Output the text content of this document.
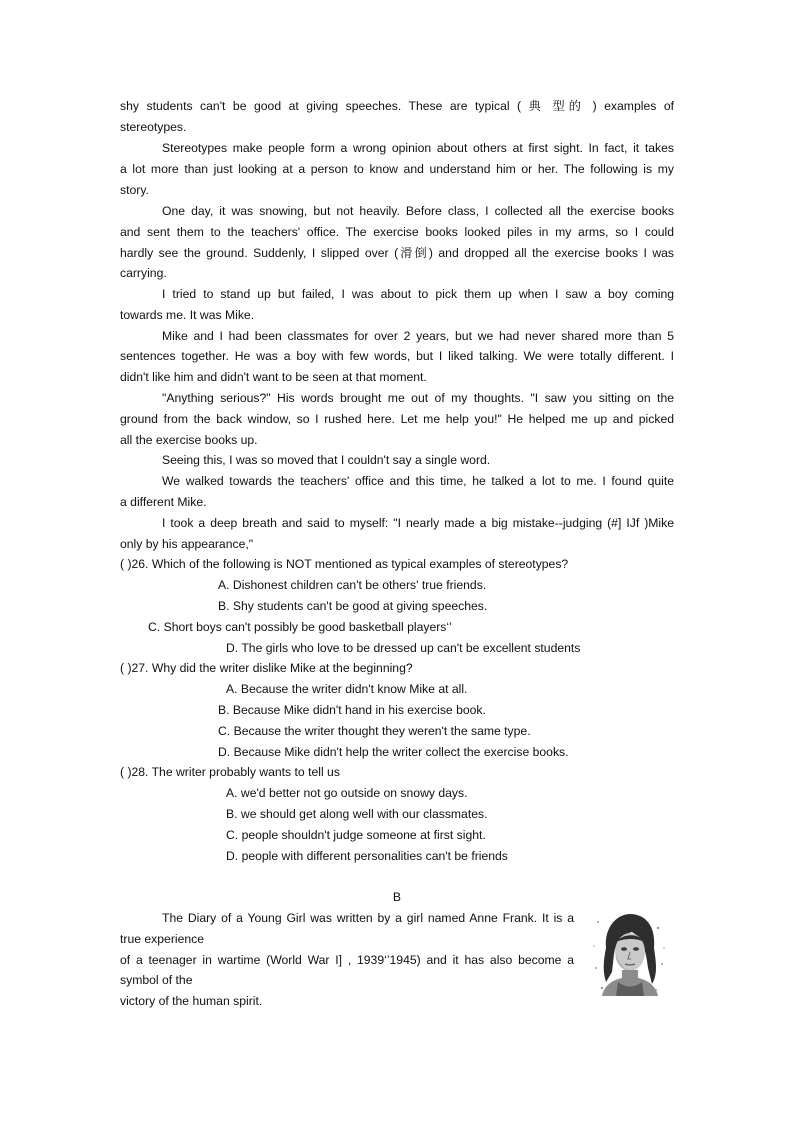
shy students can't be good at giving speeches. These are typical ( 典 型的 ) examples of
stereotypes.
Stereotypes make people form a wrong opinion about others at first sight. In fact, it takes
a lot more than just looking at a person to know and understand him or her. The following is my
story.
One day, it was snowing, but not heavily. Before class, I collected all the exercise books
and sent them to the teachers' office. The exercise books looked piles in my arms, so I could
hardly see the ground. Suddenly, I slipped over (滑倒) and dropped all the exercise books I was
carrying.
I tried to stand up but failed, I was about to pick them up when I saw a boy coming
towards me. It was Mike.
Mike and I had been classmates for over 2 years, but we had never shared more than 5
sentences together. He was a boy with few words, but I liked talking. We were totally different. I
didn't like him and didn't want to be seen at that moment.
"Anything serious?" His words brought me out of my thoughts. "I saw you sitting on the
ground from the back window, so I rushed here. Let me help you!" He helped me up and picked
all the exercise books up.
Seeing this, I was so moved that I couldn't say a single word.
We walked towards the teachers' office and this time, he talked a lot to me. I found quite
a different Mike.
I took a deep breath and said to myself: "I nearly made a big mistake--judging (#] IJf )Mike
only by his appearance,"
( )26. Which of the following is NOT mentioned as typical examples of stereotypes?
A. Dishonest children can't be others' true friends.
B. Shy students can't be good at giving speeches.
C. Short boys can't possibly be good basketball players‘’
D. The girls who love to be dressed up can't be excellent students
( )27. Why did the writer dislike Mike at the beginning?
A. Because the writer didn't know Mike at all.
B. Because Mike didn't hand in his exercise book.
C. Because the writer thought they weren't the same type.
D. Because Mike didn't help the writer collect the exercise books.
( )28. The writer probably wants to tell us
A. we'd better not go outside on snowy days.
B. we should get along well with our classmates.
C. people shouldn't judge someone at first sight.
D. people with different personalities can't be friends
B
The Diary of a Young Girl was written by a girl named Anne Frank. It is a
true experience
of a teenager in wartime (World War I] , 1939‘’1945) and it has also become a
symbol of the
victory of the human spirit.
